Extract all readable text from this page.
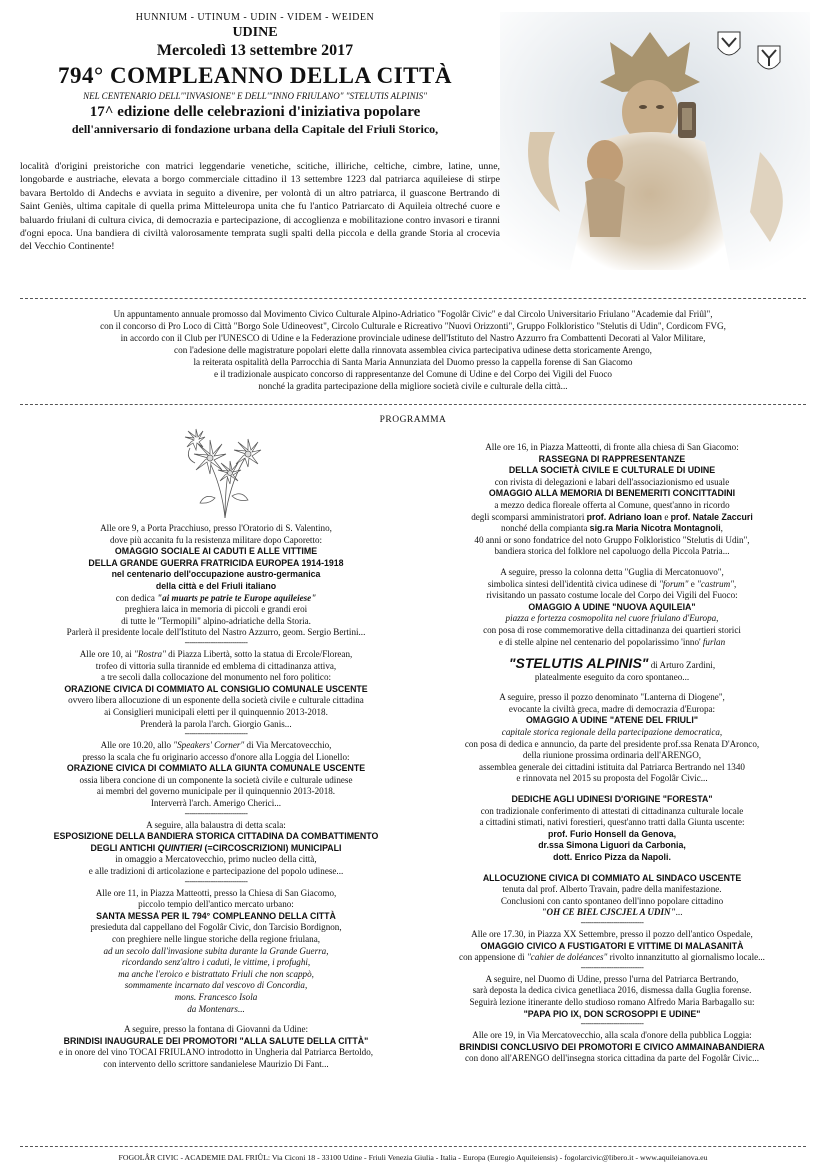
HUNNIUM - UTINUM - UDIN - VIDEM - WEIDEN
UDINE
Mercoledì 13 settembre 2017
794° COMPLEANNO DELLA CITTÀ
NEL CENTENARIO DELL'"INVASIONE" E DELL'"INNO FRIULANO" "STELUTIS ALPINIS"
17^ edizione delle celebrazioni d'iniziativa popolare
dell'anniversario di fondazione urbana della Capitale del Friuli Storico,
località d'origini preistoriche con matrici leggendarie venetiche, scitiche, illiriche, celtiche, cimbre, latine, unne, longobarde e austriache, elevata a borgo commerciale cittadino il 13 settembre 1223 dal patriarca aquileiese di stirpe bavara Bertoldo di Andechs e avviata in seguito a divenire, per volontà di un altro patriarca, il guascone Bertrando di Saint Geniès, ultima capitale di quella prima Mitteleuropa unita che fu l'antico Patriarcato di Aquileia oltreché cuore e baluardo friulani di cultura civica, di democrazia e partecipazione, di accoglienza e mobilitazione contro invasori e tiranni d'ogni epoca. Una bandiera di civiltà valorosamente temprata sugli spalti della piccola e della grande Storia al crocevia del Vecchio Continente!
Un appuntamento annuale promosso dal Movimento Civico Culturale Alpino-Adriatico "Fogolâr Civic" e dal Circolo Universitario Friulano "Academie dal Friûl",
con il concorso di Pro Loco di Città "Borgo Sole Udineovest", Circolo Culturale e Ricreativo "Nuovi Orizzonti", Gruppo Folkloristico "Stelutis di Udin", Cordicom FVG,
in accordo con il Club per l'UNESCO di Udine e la Federazione provinciale udinese dell'Istituto del Nastro Azzurro fra Combattenti Decorati al Valor Militare,
con l'adesione delle magistrature popolari elette dalla rinnovata assemblea civica partecipativa udinese detta storicamente Arengo,
la reiterata ospitalità della Parrocchia di Santa Maria Annunziata del Duomo presso la cappella forense di San Giacomo
e il tradizionale auspicato concorso di rappresentanze del Comune di Udine e del Corpo dei Vigili del Fuoco
nonché la gradita partecipazione della migliore società civile e culturale della città...
PROGRAMMA
Alle ore 9, a Porta Pracchiuso, presso l'Oratorio di S. Valentino,
dove più accanita fu la resistenza militare dopo Caporetto:
OMAGGIO SOCIALE AI CADUTI E ALLE VITTIME
DELLA GRANDE GUERRA FRATRICIDA EUROPEA 1914-1918
nel centenario dell'occupazione austro-germanica
della città e del Friuli italiano
con dedica "ai muarts pe patrie te Europe aquileiese"
preghiera laica in memoria di piccoli e grandi eroi
di tutte le "Termopili" alpino-adriatiche della Storia.
Parlerà il presidente locale dell'Istituto del Nastro Azzurro, geom. Sergio Bertini...
-----------------------------
Alle ore 10, ai "Rostra" di Piazza Libertà, sotto la statua di Ercole/Florean,
trofeo di vittoria sulla tirannide ed emblema di cittadinanza attiva,
a tre secoli dalla collocazione del monumento nel foro politico:
ORAZIONE CIVICA DI COMMIATO AL CONSIGLIO COMUNALE USCENTE
ovvero libera allocuzione di un esponente della società civile e culturale cittadina
ai Consiglieri municipali eletti per il quinquennio 2013-2018.
Prenderà la parola l'arch. Giorgio Ganis...
-----------------------------
Alle ore 10.20, allo "Speakers' Corner" di Via Mercatovecchio,
presso la scala che fu originario accesso d'onore alla Loggia del Lionello:
ORAZIONE CIVICA DI COMMIATO ALLA GIUNTA COMUNALE USCENTE
ossia libera concione di un componente la società civile e culturale udinese
ai membri del governo municipale per il quinquennio 2013-2018.
Interverrà l'arch. Amerigo Cherici...
-----------------------------
A seguire, alla balaustra di detta scala:
ESPOSIZIONE DELLA BANDIERA STORICA CITTADINA DA COMBATTIMENTO
DEGLI ANTICHI QUINTIERI (=CIRCOSCRIZIONI) MUNICIPALI
in omaggio a Mercatovecchio, primo nucleo della città,
e alle tradizioni di articolazione e partecipazione del popolo udinese...
-----------------------------
Alle ore 11, in Piazza Matteotti, presso la Chiesa di San Giacomo,
piccolo tempio dell'antico mercato urbano:
SANTA MESSA PER IL 794° COMPLEANNO DELLA CITTÀ
presieduta dal cappellano del Fogolâr Civic, don Tarcisio Bordignon,
con preghiere nelle lingue storiche della regione friulana,
ad un secolo dall'invasione subita durante la Grande Guerra,
ricordando senz'altro i caduti, le vittime, i profughi,
ma anche l'eroico e bistrattato Friuli che non scappò,
sommamente incarnato dal vescovo di Concordia,
mons. Francesco Isola
da Montenars...
A seguire, presso la fontana di Giovanni da Udine:
BRINDISI INAUGURALE DEI PROMOTORI "ALLA SALUTE DELLA CITTÀ"
e in onore del vino TOCAI FRIULANO introdotto in Ungheria dal Patriarca Bertoldo,
con intervento dello scrittore sandanielese Maurizio Di Fant...
Alle ore 16, in Piazza Matteotti, di fronte alla chiesa di San Giacomo:
RASSEGNA DI RAPPRESENTANZE
DELLA SOCIETÀ CIVILE E CULTURALE DI UDINE
con rivista di delegazioni e labari dell'associazionismo ed usuale
OMAGGIO ALLA MEMORIA DI BENEMERITI CONCITTADINI
a mezzo dedica floreale offerta al Comune, quest'anno in ricordo
degli scomparsi amministratori prof. Adriano Ioan e prof. Natale Zaccuri
nonché della compianta sig.ra Maria Nicotra Montagnoli,
40 anni or sono fondatrice del noto Gruppo Folkloristico "Stelutis di Udin",
bandiera storica del folklore nel capoluogo della Piccola Patria...
A seguire, presso la colonna detta "Guglia di Mercatonuovo",
simbolica sintesi dell'identità civica udinese di "forum" e "castrum",
rivisitando un passato costume locale del Corpo dei Vigili del Fuoco:
OMAGGIO A UDINE "NUOVA AQUILEIA"
piazza e fortezza cosmopolita nel cuore friulano d'Europa,
con posa di rose commemorative della cittadinanza dei quartieri storici
e di stelle alpine nel centenario del popolarissimo 'inno' furlan
"STELUTIS ALPINIS" di Arturo Zardini,
platealmente eseguito da coro spontaneo...
A seguire, presso il pozzo denominato "Lanterna di Diogene",
evocante la civiltà greca, madre di democrazia d'Europa:
OMAGGIO A UDINE "ATENE DEL FRIULI"
capitale storica regionale della partecipazione democratica,
con posa di dedica e annuncio, da parte del presidente prof.ssa Renata D'Aronco,
della riunione prossima ordinaria dell'ARENGO,
assemblea generale dei cittadini istituita dal Patriarca Bertrando nel 1340
e rinnovata nel 2015 su proposta del Fogolâr Civic...
DEDICHE AGLI UDINESI D'ORIGINE "FORESTA"
con tradizionale conferimento di attestati di cittadinanza culturale locale
a cittadini stimati, nativi forestieri, quest'anno tratti dalla Giunta uscente:
prof. Furio Honsell da Genova,
dr.ssa Simona Liguori da Carbonia,
dott. Enrico Pizza da Napoli.
ALLOCUZIONE CIVICA DI COMMIATO AL SINDACO USCENTE
tenuta dal prof. Alberto Travain, padre della manifestazione.
Conclusioni con canto spontaneo dell'inno popolare cittadino
"OH CE BIEL CJSCJEL A UDIN"...
-----------------------------
Alle ore 17.30, in Piazza XX Settembre, presso il pozzo dell'antico Ospedale,
OMAGGIO CIVICO A FUSTIGATORI E VITTIME DI MALASANITÀ
con appensione di "cahier de doléances" rivolto innanzitutto al giornalismo locale...
-----------------------------
A seguire, nel Duomo di Udine, presso l'urna del Patriarca Bertrando,
sarà deposta la dedica civica genetliaca 2016, dismessa dalla Guglia forense.
Seguirà lezione itinerante dello studioso romano Alfredo Maria Barbagallo su:
"PAPA PIO IX, DON SCROSOPPI E UDINE"
-----------------------------
Alle ore 19, in Via Mercatovecchio, alla scala d'onore della pubblica Loggia:
BRINDISI CONCLUSIVO DEI PROMOTORI E CIVICO AMMAINABANDIERA
con dono all'ARENGO dell'insegna storica cittadina da parte del Fogolâr Civic...
FOGOLÂR CIVIC - ACADEMIE DAL FRIÛL: Via Ciconi 18 - 33100 Udine - Friuli Venezia Giulia - Italia - Europa (Euregio Aquileiensis) - fogolarcivic@libero.it - www.aquileianova.eu
